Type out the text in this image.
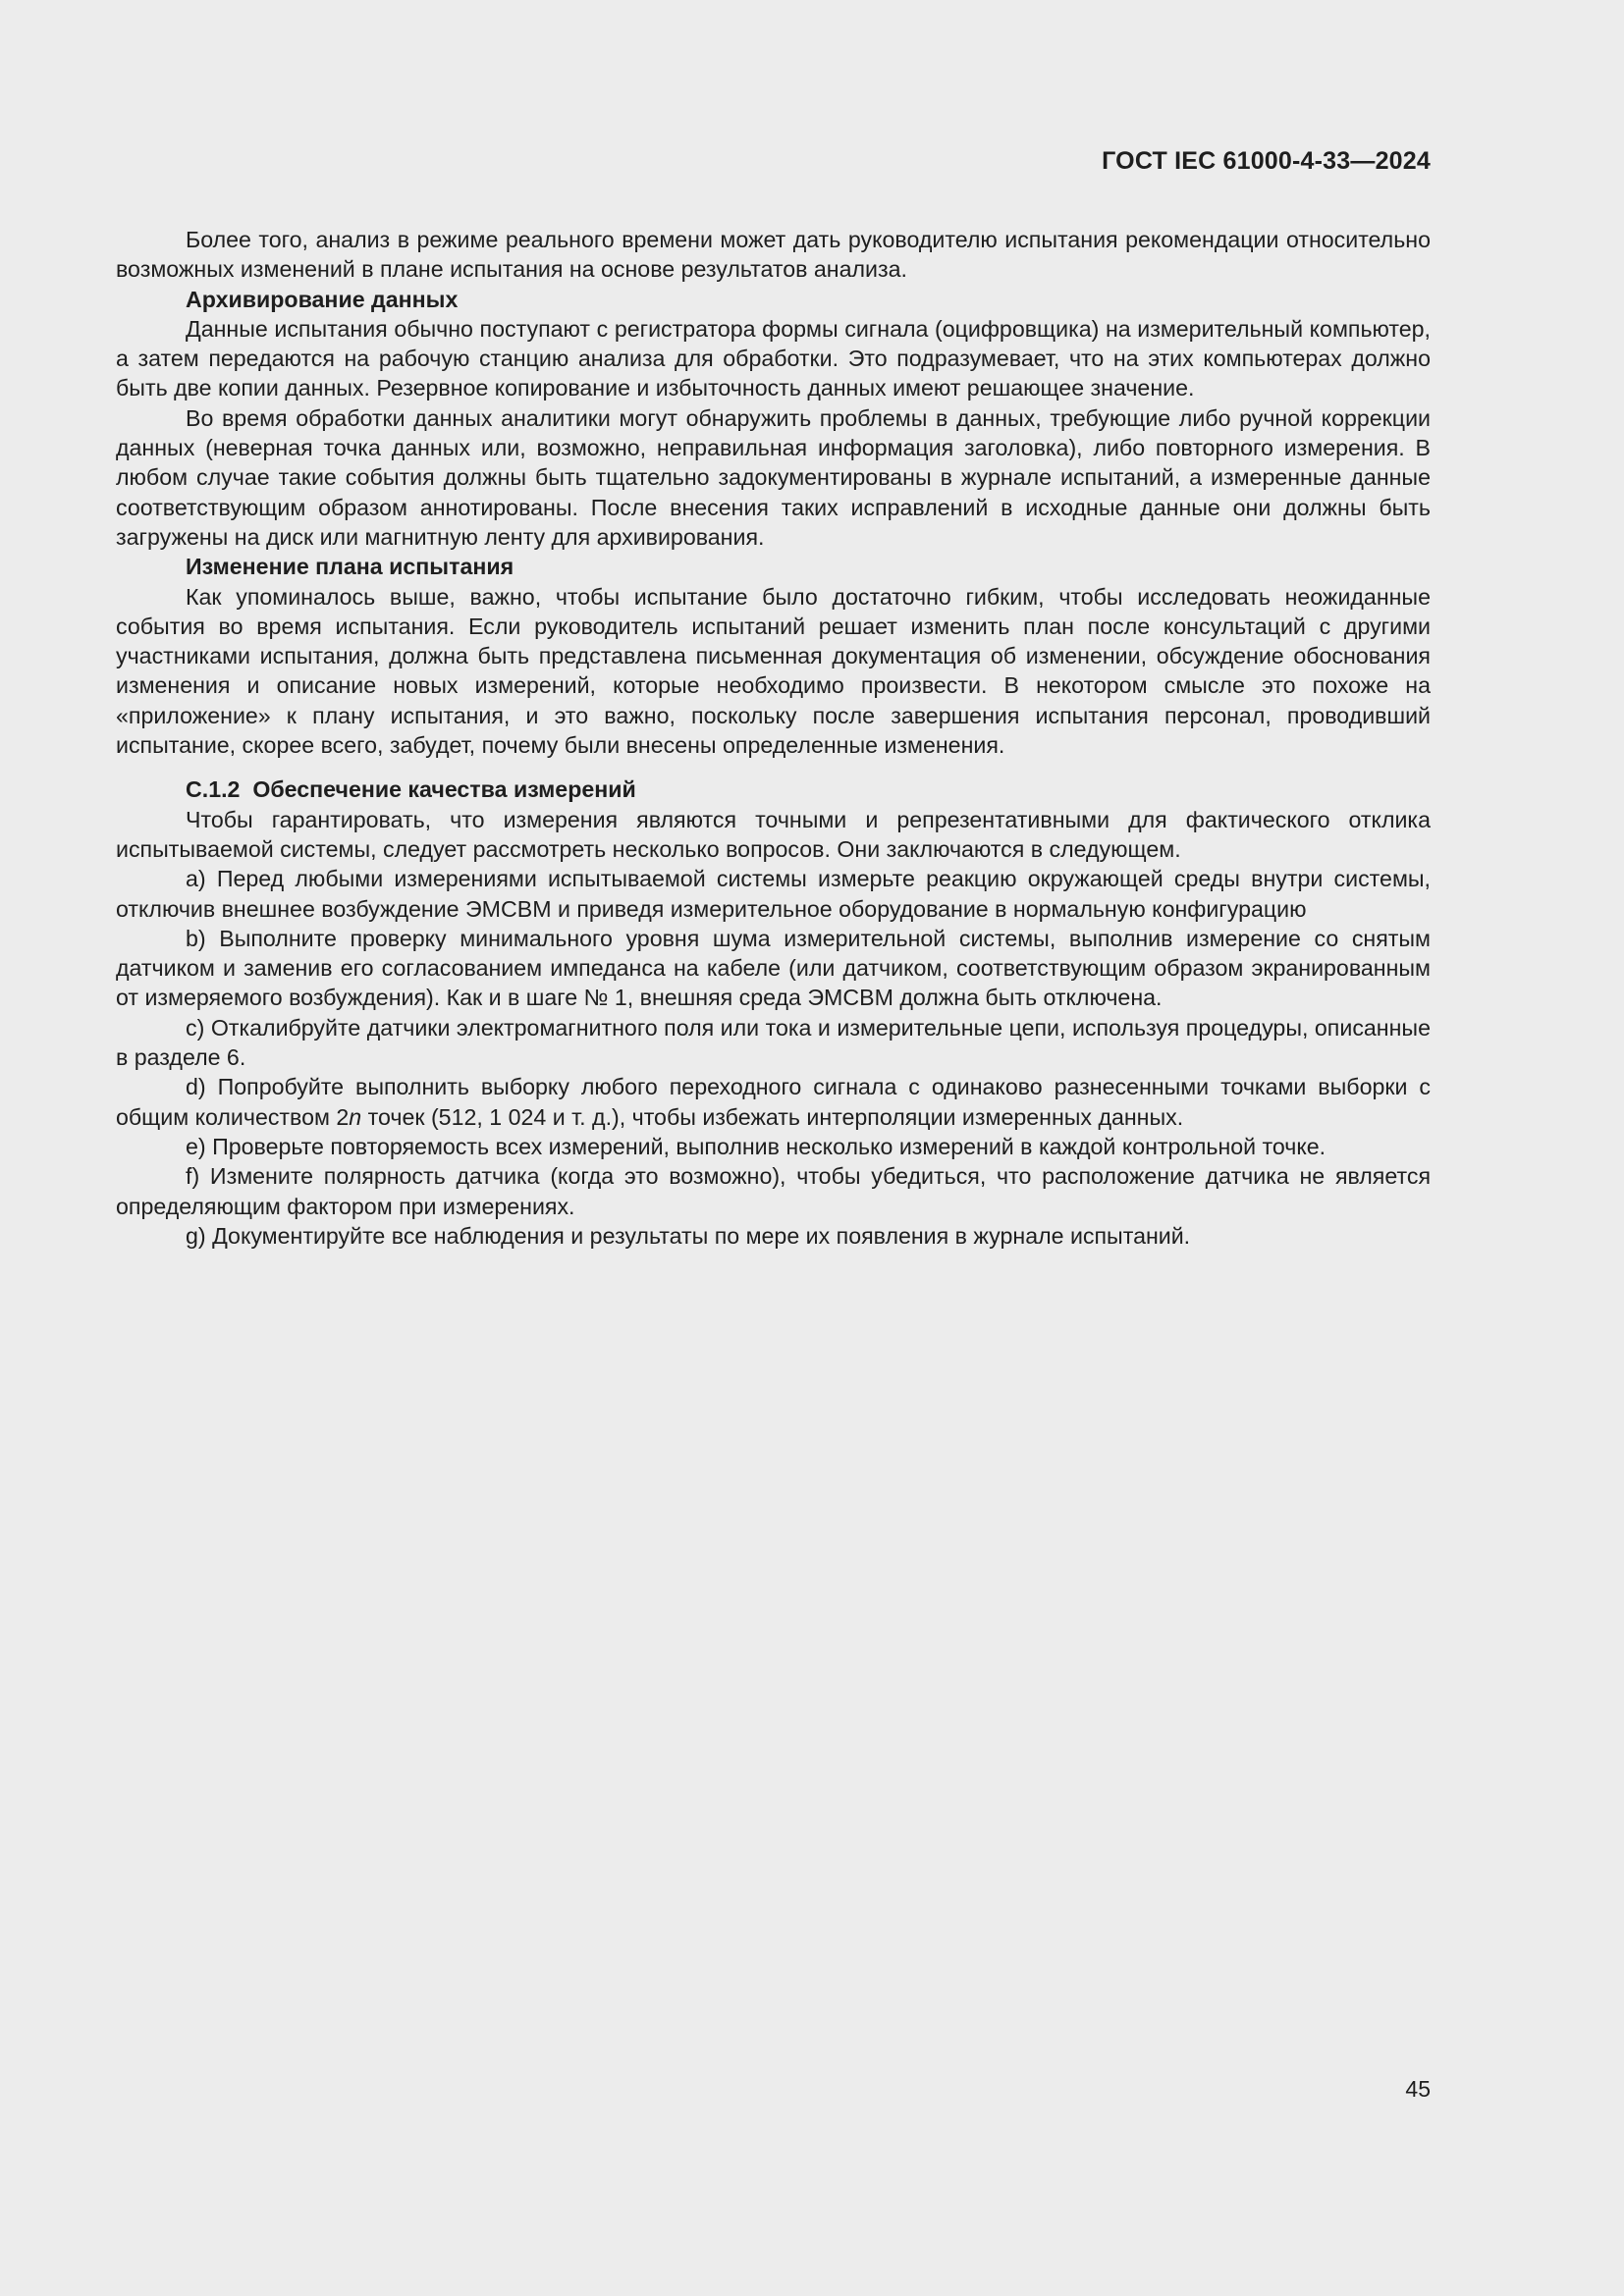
ГОСТ IEC 61000-4-33—2024

Более того, анализ в режиме реального времени может дать руководителю испытания рекомендации относительно возможных изменений в плане испытания на основе результатов анализа.

Архивирование данных

Данные испытания обычно поступают с регистратора формы сигнала (оцифровщика) на измерительный компьютер, а затем передаются на рабочую станцию анализа для обработки. Это подразумевает, что на этих компьютерах должно быть две копии данных. Резервное копирование и избыточность данных имеют решающее значение.

Во время обработки данных аналитики могут обнаружить проблемы в данных, требующие либо ручной коррекции данных (неверная точка данных или, возможно, неправильная информация заголовка), либо повторного измерения. В любом случае такие события должны быть тщательно задокументированы в журнале испытаний, а измеренные данные соответствующим образом аннотированы. После внесения таких исправлений в исходные данные они должны быть загружены на диск или магнитную ленту для архивирования.

Изменение плана испытания

Как упоминалось выше, важно, чтобы испытание было достаточно гибким, чтобы исследовать неожиданные события во время испытания. Если руководитель испытаний решает изменить план после консультаций с другими участниками испытания, должна быть представлена письменная документация об изменении, обсуждение обоснования изменения и описание новых измерений, которые необходимо произвести. В некотором смысле это похоже на «приложение» к плану испытания, и это важно, поскольку после завершения испытания персонал, проводивший испытание, скорее всего, забудет, почему были внесены определенные изменения.

C.1.2 Обеспечение качества измерений

Чтобы гарантировать, что измерения являются точными и репрезентативными для фактического отклика испытываемой системы, следует рассмотреть несколько вопросов. Они заключаются в следующем.

a) Перед любыми измерениями испытываемой системы измерьте реакцию окружающей среды внутри системы, отключив внешнее возбуждение ЭМСВМ и приведя измерительное оборудование в нормальную конфигурацию

b) Выполните проверку минимального уровня шума измерительной системы, выполнив измерение со снятым датчиком и заменив его согласованием импеданса на кабеле (или датчиком, соответствующим образом экранированным от измеряемого возбуждения). Как и в шаге № 1, внешняя среда ЭМСВМ должна быть отключена.

c) Откалибруйте датчики электромагнитного поля или тока и измерительные цепи, используя процедуры, описанные в разделе 6.

d) Попробуйте выполнить выборку любого переходного сигнала с одинаково разнесенными точками выборки с общим количеством 2n точек (512, 1 024 и т. д.), чтобы избежать интерполяции измеренных данных.

e) Проверьте повторяемость всех измерений, выполнив несколько измерений в каждой контрольной точке.

f) Измените полярность датчика (когда это возможно), чтобы убедиться, что расположение датчика не является определяющим фактором при измерениях.

g) Документируйте все наблюдения и результаты по мере их появления в журнале испытаний.

45
